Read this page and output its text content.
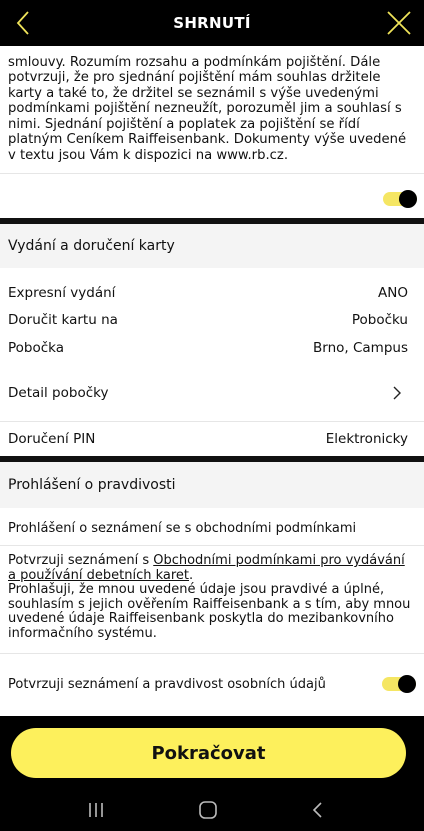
SHRNUTÍ

smlouvy. Rozumím rozsahu a podmínkám pojištění. Dále potvrzuji, že pro sjednání pojištění mám souhlas držitele karty a také to, že držitel se seznámil s výše uvedenými podmínkami pojištění nezneužít, porozuměl jim a souhlasí s nimi. Sjednání pojištění a poplatek za pojištění se řídí platným Ceníkem Raiffeisenbank. Dokumenty výše uvedené v textu jsou Vám k dispozici na www.rb.cz.

Vydání a doručení karty
Expresní vydání	ANO
Doručit kartu na	Pobočku
Pobočka	Brno, Campus
Detail pobočky
Doručení PIN	Elektronicky
Prohlášení o pravdivosti
Prohlášení o seznámení se s obchodními podmínkami
Potvrzuji seznámení s Obchodními podmínkami pro vydávání a používání debetních karet.
Prohlašuji, že mnou uvedené údaje jsou pravdivé a úplné, souhlasím s jejich ověřením Raiffeisenbank a s tím, aby mnou uvedené údaje Raiffeisenbank poskytla do mezibankovního informačního systému.
Potvrzuji seznámení a pravdivost osobních údajů
Pokračovat
